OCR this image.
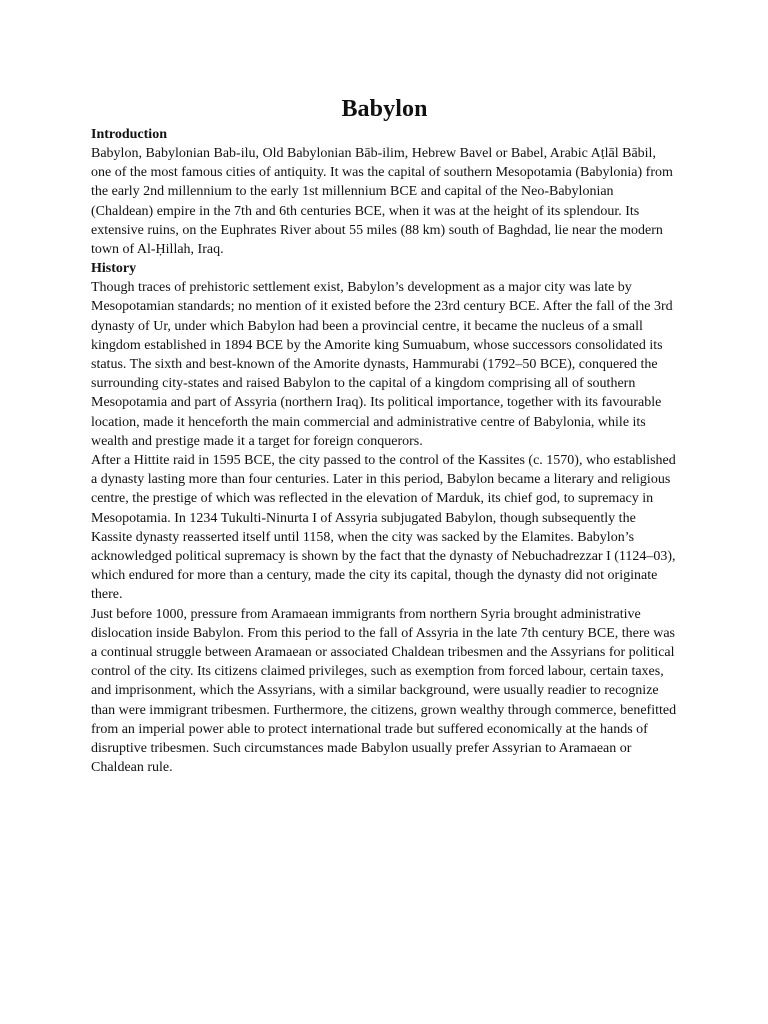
Babylon
Introduction

Babylon, Babylonian Bab-ilu, Old Babylonian Bāb-ilim, Hebrew Bavel or Babel, Arabic Aṭlāl Bābil, one of the most famous cities of antiquity. It was the capital of southern Mesopotamia (Babylonia) from the early 2nd millennium to the early 1st millennium BCE and capital of the Neo-Babylonian (Chaldean) empire in the 7th and 6th centuries BCE, when it was at the height of its splendour. Its extensive ruins, on the Euphrates River about 55 miles (88 km) south of Baghdad, lie near the modern town of Al-Ḥillah, Iraq.

History

Though traces of prehistoric settlement exist, Babylon’s development as a major city was late by Mesopotamian standards; no mention of it existed before the 23rd century BCE. After the fall of the 3rd dynasty of Ur, under which Babylon had been a provincial centre, it became the nucleus of a small kingdom established in 1894 BCE by the Amorite king Sumuabum, whose successors consolidated its status. The sixth and best-known of the Amorite dynasts, Hammurabi (1792–50 BCE), conquered the surrounding city-states and raised Babylon to the capital of a kingdom comprising all of southern Mesopotamia and part of Assyria (northern Iraq). Its political importance, together with its favourable location, made it henceforth the main commercial and administrative centre of Babylonia, while its wealth and prestige made it a target for foreign conquerors.

After a Hittite raid in 1595 BCE, the city passed to the control of the Kassites (c. 1570), who established a dynasty lasting more than four centuries. Later in this period, Babylon became a literary and religious centre, the prestige of which was reflected in the elevation of Marduk, its chief god, to supremacy in Mesopotamia. In 1234 Tukulti-Ninurta I of Assyria subjugated Babylon, though subsequently the Kassite dynasty reasserted itself until 1158, when the city was sacked by the Elamites. Babylon’s acknowledged political supremacy is shown by the fact that the dynasty of Nebuchadrezzar I (1124–03), which endured for more than a century, made the city its capital, though the dynasty did not originate there.

Just before 1000, pressure from Aramaean immigrants from northern Syria brought administrative dislocation inside Babylon. From this period to the fall of Assyria in the late 7th century BCE, there was a continual struggle between Aramaean or associated Chaldean tribesmen and the Assyrians for political control of the city. Its citizens claimed privileges, such as exemption from forced labour, certain taxes, and imprisonment, which the Assyrians, with a similar background, were usually readier to recognize than were immigrant tribesmen. Furthermore, the citizens, grown wealthy through commerce, benefitted from an imperial power able to protect international trade but suffered economically at the hands of disruptive tribesmen. Such circumstances made Babylon usually prefer Assyrian to Aramaean or Chaldean rule.
